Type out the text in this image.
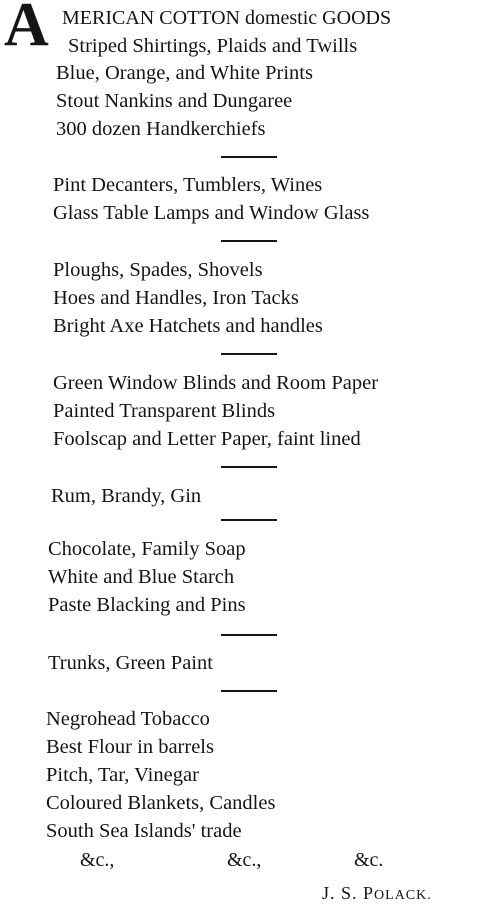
A MERICAN COTTON domestic GOODS
Striped Shirtings, Plaids and Twills
Blue, Orange, and White Prints
Stout Nankins and Dungaree
300 dozen Handkerchiefs
Pint Decanters, Tumblers, Wines
Glass Table Lamps and Window Glass
Ploughs, Spades, Shovels
Hoes and Handles, Iron Tacks
Bright Axe Hatchets and handles
Green Window Blinds and Room Paper
Painted Transparent Blinds
Foolscap and Letter Paper, faint lined
Rum, Brandy, Gin
Chocolate, Family Soap
White and Blue Starch
Paste Blacking and Pins
Trunks, Green Paint
Negrohead Tobacco
Best Flour in barrels
Pitch, Tar, Vinegar
Coloured Blankets, Candles
South Sea Islands' trade
&c.,	&c.,	&c.
J. S. POLACK.
